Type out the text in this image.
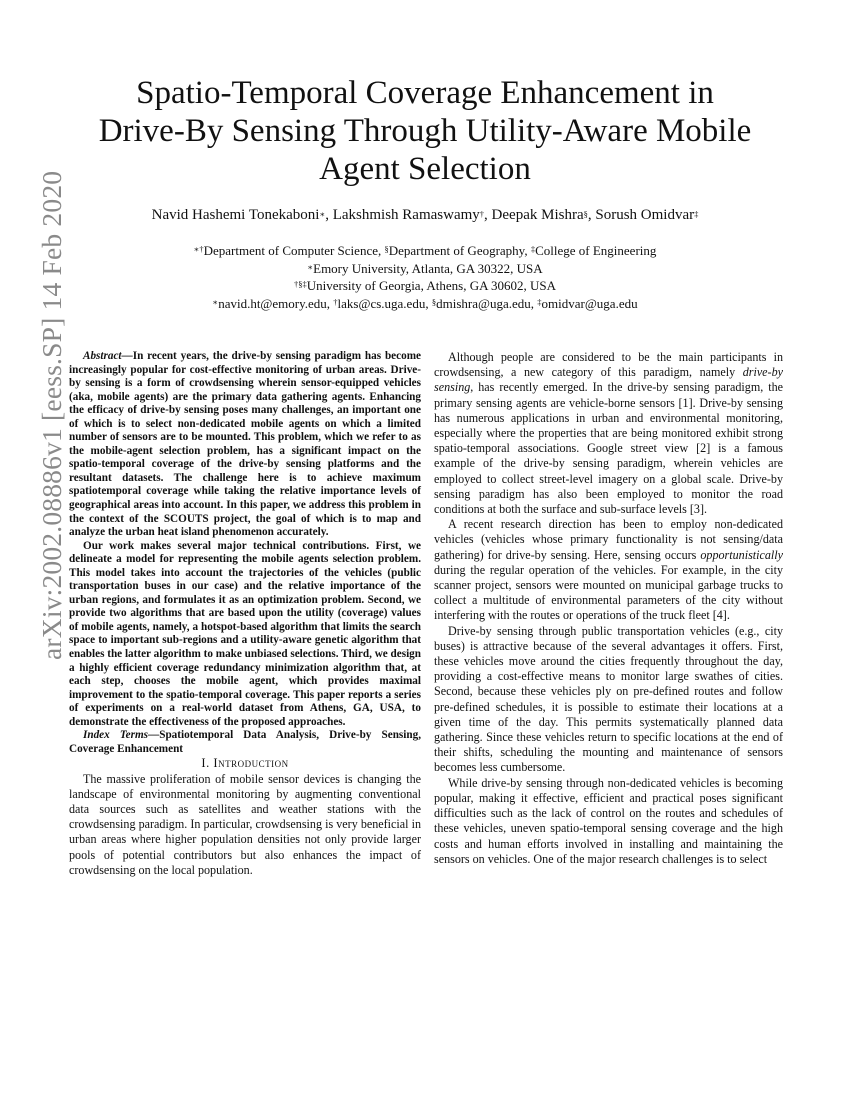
arXiv:2002.08886v1 [eess.SP] 14 Feb 2020
Spatio-Temporal Coverage Enhancement in
Drive-By Sensing Through Utility-Aware Mobile
Agent Selection
Navid Hashemi Tonekaboni∗, Lakshmish Ramaswamy†, Deepak Mishra§, Sorush Omidvar‡
∗†Department of Computer Science, §Department of Geography, ‡College of Engineering
∗Emory University, Atlanta, GA 30322, USA
†§‡University of Georgia, Athens, GA 30602, USA
∗navid.ht@emory.edu, †laks@cs.uga.edu, §dmishra@uga.edu, ‡omidvar@uga.edu

Abstract—In recent years, the drive-by sensing paradigm has become increasingly popular for cost-effective monitoring of urban areas. Drive-by sensing is a form of crowdsensing wherein sensor-equipped vehicles (aka, mobile agents) are the primary data gathering agents. Enhancing the efficacy of drive-by sensing poses many challenges, an important one of which is to select non-dedicated mobile agents on which a limited number of sensors are to be mounted. This problem, which we refer to as the mobile-agent selection problem, has a significant impact on the spatio-temporal coverage of the drive-by sensing platforms and the resultant datasets. The challenge here is to achieve maximum spatiotemporal coverage while taking the relative importance levels of geographical areas into account. In this paper, we address this problem in the context of the SCOUTS project, the goal of which is to map and analyze the urban heat island phenomenon accurately.

Our work makes several major technical contributions. First, we delineate a model for representing the mobile agents selection problem. This model takes into account the trajectories of the vehicles (public transportation buses in our case) and the relative importance of the urban regions, and formulates it as an optimization problem. Second, we provide two algorithms that are based upon the utility (coverage) values of mobile agents, namely, a hotspot-based algorithm that limits the search space to important sub-regions and a utility-aware genetic algorithm that enables the latter algorithm to make unbiased selections. Third, we design a highly efficient coverage redundancy minimization algorithm that, at each step, chooses the mobile agent, which provides maximal improvement to the spatio-temporal coverage. This paper reports a series of experiments on a real-world dataset from Athens, GA, USA, to demonstrate the effectiveness of the proposed approaches.

Index Terms—Spatiotemporal Data Analysis, Drive-by Sensing, Coverage Enhancement

I. Introduction

The massive proliferation of mobile sensor devices is changing the landscape of environmental monitoring by augmenting conventional data sources such as satellites and weather stations with the crowdsensing paradigm. In particular, crowdsensing is very beneficial in urban areas where higher population densities not only provide larger pools of potential contributors but also enhances the impact of crowdsensing on the local population.

Although people are considered to be the main participants in crowdsensing, a new category of this paradigm, namely drive-by sensing, has recently emerged. In the drive-by sensing paradigm, the primary sensing agents are vehicle-borne sensors [1]. Drive-by sensing has numerous applications in urban and environmental monitoring, especially where the properties that are being monitored exhibit strong spatio-temporal associations. Google street view [2] is a famous example of the drive-by sensing paradigm, wherein vehicles are employed to collect street-level imagery on a global scale. Drive-by sensing paradigm has also been employed to monitor the road conditions at both the surface and sub-surface levels [3].

A recent research direction has been to employ non-dedicated vehicles (vehicles whose primary functionality is not sensing/data gathering) for drive-by sensing. Here, sensing occurs opportunistically during the regular operation of the vehicles. For example, in the city scanner project, sensors were mounted on municipal garbage trucks to collect a multitude of environmental parameters of the city without interfering with the routes or operations of the truck fleet [4].

Drive-by sensing through public transportation vehicles (e.g., city buses) is attractive because of the several advantages it offers. First, these vehicles move around the cities frequently throughout the day, providing a cost-effective means to monitor large swathes of cities. Second, because these vehicles ply on pre-defined routes and follow pre-defined schedules, it is possible to estimate their locations at a given time of the day. This permits systematically planned data gathering. Since these vehicles return to specific locations at the end of their shifts, scheduling the mounting and maintenance of sensors becomes less cumbersome.

While drive-by sensing through non-dedicated vehicles is becoming popular, making it effective, efficient and practical poses significant difficulties such as the lack of control on the routes and schedules of these vehicles, uneven spatio-temporal sensing coverage and the high costs and human efforts involved in installing and maintaining the sensors on vehicles. One of the major research challenges is to select
